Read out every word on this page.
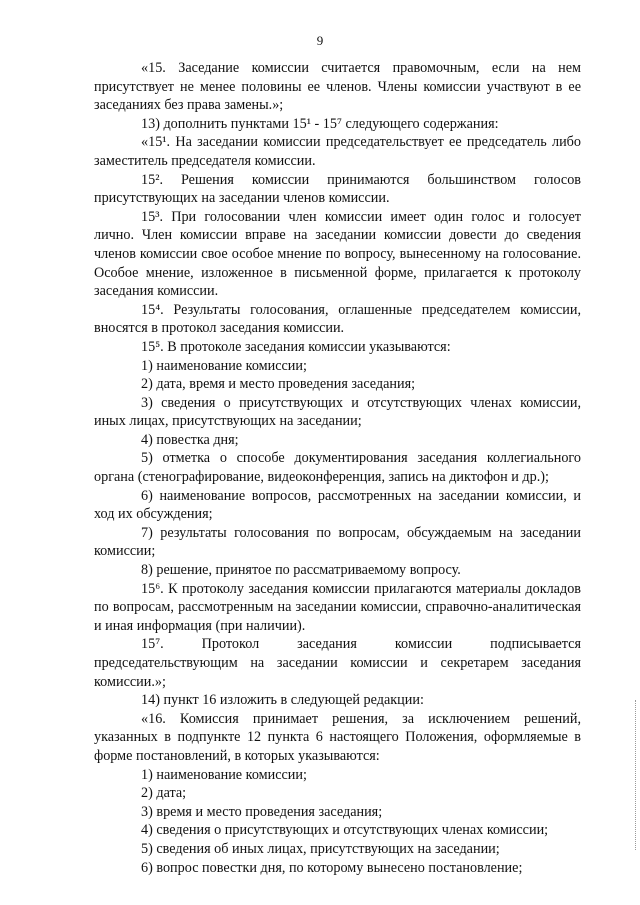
9

«15. Заседание комиссии считается правомочным, если на нем присутствует не менее половины ее членов. Члены комиссии участвуют в ее заседаниях без права замены.»;

13) дополнить пунктами 15¹ - 15⁷ следующего содержания:

«15¹. На заседании комиссии председательствует ее председатель либо заместитель председателя комиссии.

15². Решения комиссии принимаются большинством голосов присутствующих на заседании членов комиссии.

15³. При голосовании член комиссии имеет один голос и голосует лично. Член комиссии вправе на заседании комиссии довести до сведения членов комиссии свое особое мнение по вопросу, вынесенному на голосование. Особое мнение, изложенное в письменной форме, прилагается к протоколу заседания комиссии.

15⁴. Результаты голосования, оглашенные председателем комиссии, вносятся в протокол заседания комиссии.

15⁵. В протоколе заседания комиссии указываются:

1) наименование комиссии;

2) дата, время и место проведения заседания;

3) сведения о присутствующих и отсутствующих членах комиссии, иных лицах, присутствующих на заседании;

4) повестка дня;

5) отметка о способе документирования заседания коллегиального органа (стенографирование, видеоконференция, запись на диктофон и др.);

6) наименование вопросов, рассмотренных на заседании комиссии, и ход их обсуждения;

7) результаты голосования по вопросам, обсуждаемым на заседании комиссии;

8) решение, принятое по рассматриваемому вопросу.

15⁶. К протоколу заседания комиссии прилагаются материалы докладов по вопросам, рассмотренным на заседании комиссии, справочно-аналитическая и иная информация (при наличии).

15⁷. Протокол заседания комиссии подписывается председательствующим на заседании комиссии и секретарем заседания комиссии.»;

14) пункт 16 изложить в следующей редакции:

«16. Комиссия принимает решения, за исключением решений, указанных в подпункте 12 пункта 6 настоящего Положения, оформляемые в форме постановлений, в которых указываются:

1) наименование комиссии;

2) дата;

3) время и место проведения заседания;

4) сведения о присутствующих и отсутствующих членах комиссии;

5) сведения об иных лицах, присутствующих на заседании;

6) вопрос повестки дня, по которому вынесено постановление;
